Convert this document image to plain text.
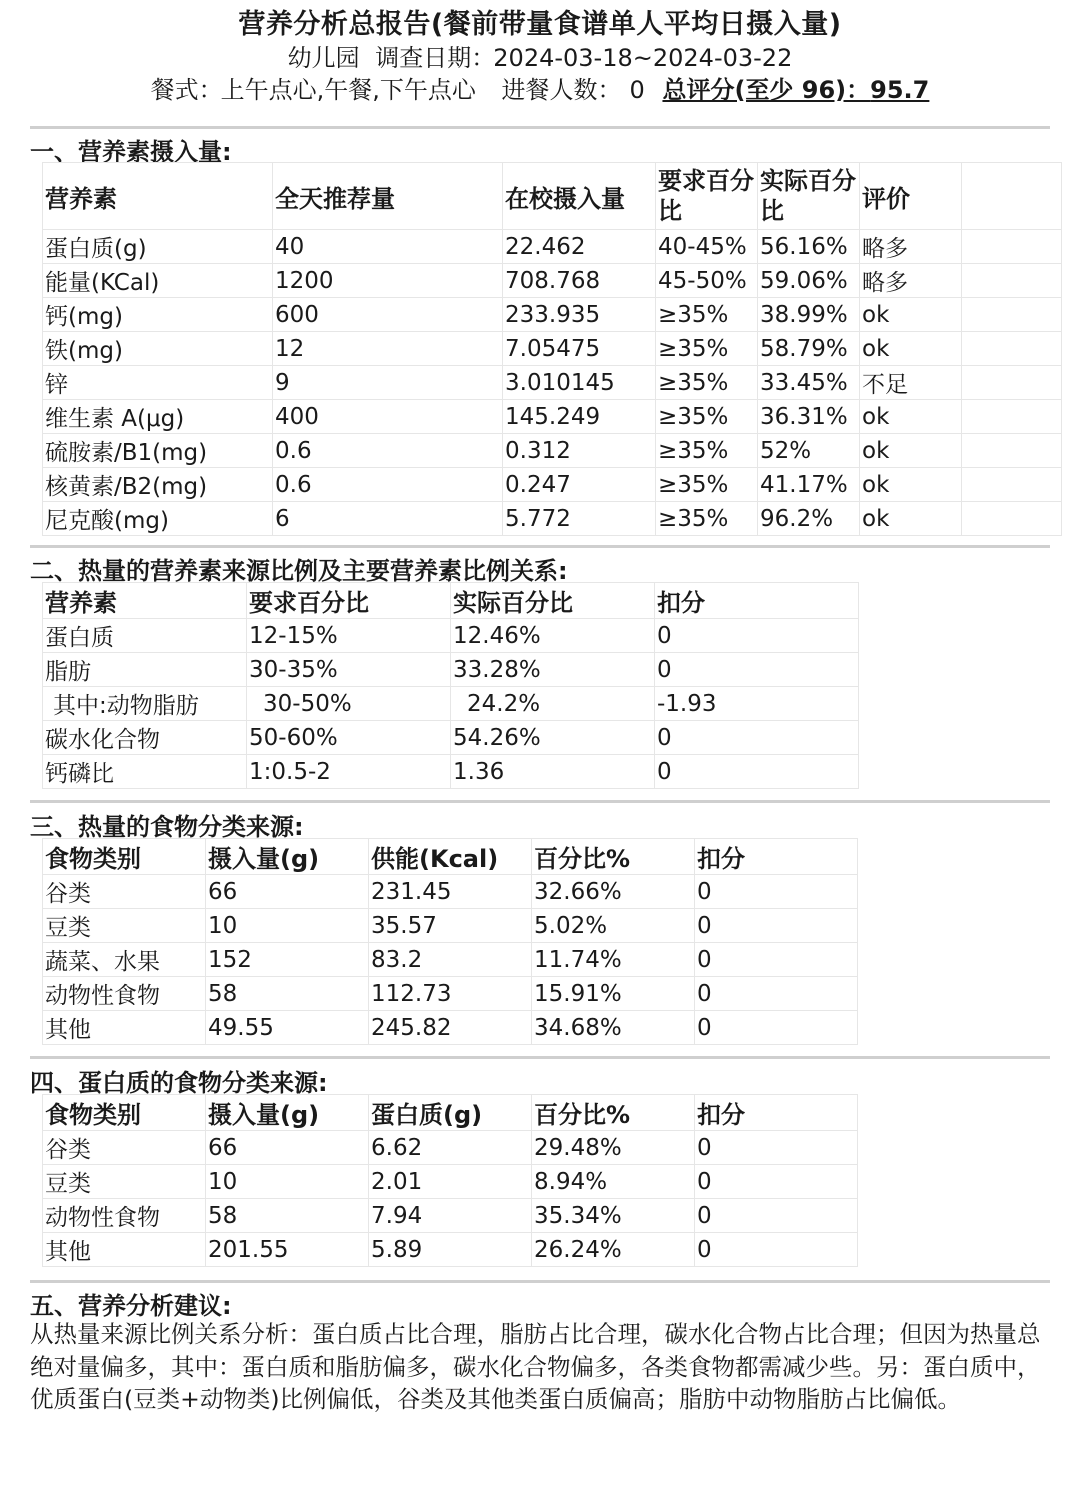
营养分析总报告(餐前带量食谱单人平均日摄入量)
幼儿园 调查日期：2024-03-18~2024-03-22
餐式：上午点心,午餐,下午点心 进餐人数： 0 总评分(至少 96)：95.7
一、营养素摄入量:
营养素	全天推荐量	在校摄入量	要求百分比	实际百分比	评价	
蛋白质(g)	40	22.462	40-45%	56.16%	略多	
能量(KCal)	1200	708.768	45-50%	59.06%	略多	
钙(mg)	600	233.935	≥35%	38.99%	ok	
铁(mg)	12	7.05475	≥35%	58.79%	ok	
锌	9	3.010145	≥35%	33.45%	不足	
维生素 A(μg)	400	145.249	≥35%	36.31%	ok	
硫胺素/B1(mg)	0.6	0.312	≥35%	52%	ok	
核黄素/B2(mg)	0.6	0.247	≥35%	41.17%	ok	
尼克酸(mg)	6	5.772	≥35%	96.2%	ok	
二、热量的营养素来源比例及主要营养素比例关系:
营养素	要求百分比	实际百分比	扣分
蛋白质	12-15%	12.46%	0
脂肪	30-35%	33.28%	0
其中:动物脂肪	30-50%	24.2%	-1.93
碳水化合物	50-60%	54.26%	0
钙磷比	1:0.5-2	1.36	0
三、热量的食物分类来源:
食物类别	摄入量(g)	供能(Kcal)	百分比%	扣分
谷类	66	231.45	32.66%	0
豆类	10	35.57	5.02%	0
蔬菜、水果	152	83.2	11.74%	0
动物性食物	58	112.73	15.91%	0
其他	49.55	245.82	34.68%	0
四、蛋白质的食物分类来源:
食物类别	摄入量(g)	蛋白质(g)	百分比%	扣分
谷类	66	6.62	29.48%	0
豆类	10	2.01	8.94%	0
动物性食物	58	7.94	35.34%	0
其他	201.55	5.89	26.24%	0
五、营养分析建议:

从热量来源比例关系分析：蛋白质占比合理，脂肪占比合理，碳水化合物占比合理；但因为热量总绝对量偏多，其中：蛋白质和脂肪偏多，碳水化合物偏多，各类食物都需减少些。另：蛋白质中，优质蛋白(豆类+动物类)比例偏低，谷类及其他类蛋白质偏高；脂肪中动物脂肪占比偏低。
